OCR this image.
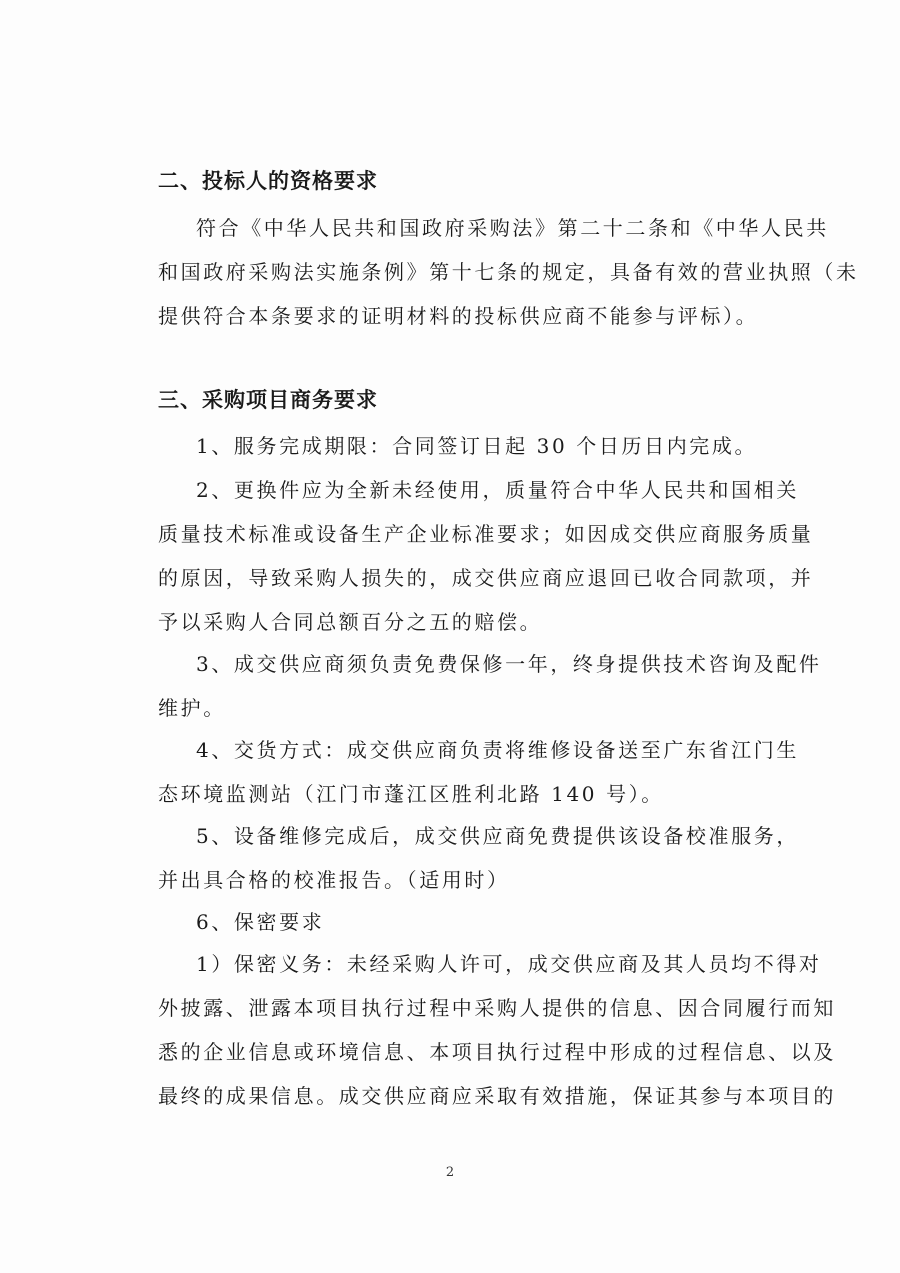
二、投标人的资格要求
符合《中华人民共和国政府采购法》第二十二条和《中华人民共
和国政府采购法实施条例》第十七条的规定，具备有效的营业执照（未
提供符合本条要求的证明材料的投标供应商不能参与评标）。
三、采购项目商务要求
1、服务完成期限：合同签订日起 30 个日历日内完成。
2、更换件应为全新未经使用，质量符合中华人民共和国相关
质量技术标准或设备生产企业标准要求；如因成交供应商服务质量
的原因，导致采购人损失的，成交供应商应退回已收合同款项，并
予以采购人合同总额百分之五的赔偿。
3、成交供应商须负责免费保修一年，终身提供技术咨询及配件
维护。
4、交货方式：成交供应商负责将维修设备送至广东省江门生
态环境监测站（江门市蓬江区胜利北路 140 号）。
5、设备维修完成后，成交供应商免费提供该设备校准服务，
并出具合格的校准报告。（适用时）
6、保密要求
1）保密义务：未经采购人许可，成交供应商及其人员均不得对
外披露、泄露本项目执行过程中采购人提供的信息、因合同履行而知
悉的企业信息或环境信息、本项目执行过程中形成的过程信息、以及
最终的成果信息。成交供应商应采取有效措施，保证其参与本项目的
2
